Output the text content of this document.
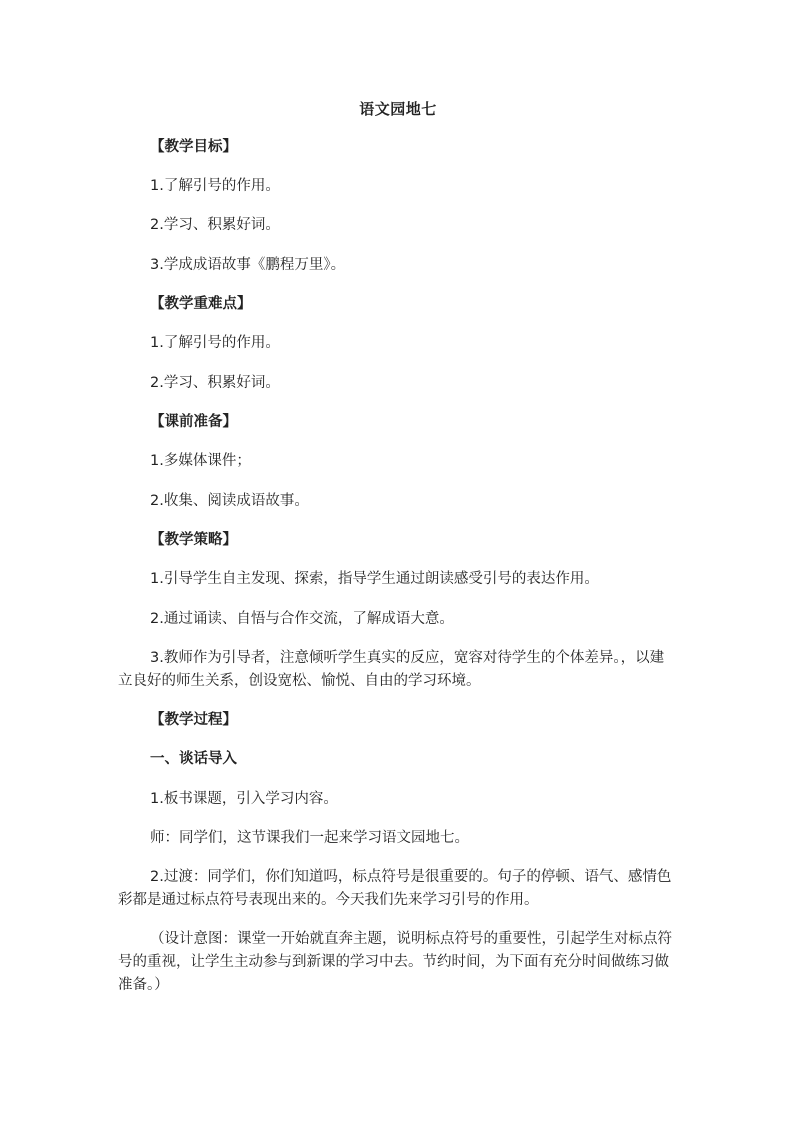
语文园地七
【教学目标】
1.了解引号的作用。
2.学习、积累好词。
3.学成成语故事《鹏程万里》。
【教学重难点】
1.了解引号的作用。
2.学习、积累好词。
【课前准备】
1.多媒体课件；
2.收集、阅读成语故事。
【教学策略】
1.引导学生自主发现、探索，指导学生通过朗读感受引号的表达作用。
2.通过诵读、自悟与合作交流，了解成语大意。
3.教师作为引导者，注意倾听学生真实的反应，宽容对待学生的个体差异。，以建立良好的师生关系，创设宽松、愉悦、自由的学习环境。
【教学过程】
一、谈话导入
1.板书课题，引入学习内容。
师：同学们，这节课我们一起来学习语文园地七。
2.过渡：同学们，你们知道吗，标点符号是很重要的。句子的停顿、语气、感情色彩都是通过标点符号表现出来的。今天我们先来学习引号的作用。
（设计意图：课堂一开始就直奔主题，说明标点符号的重要性，引起学生对标点符号的重视，让学生主动参与到新课的学习中去。节约时间，为下面有充分时间做练习做准备。）
